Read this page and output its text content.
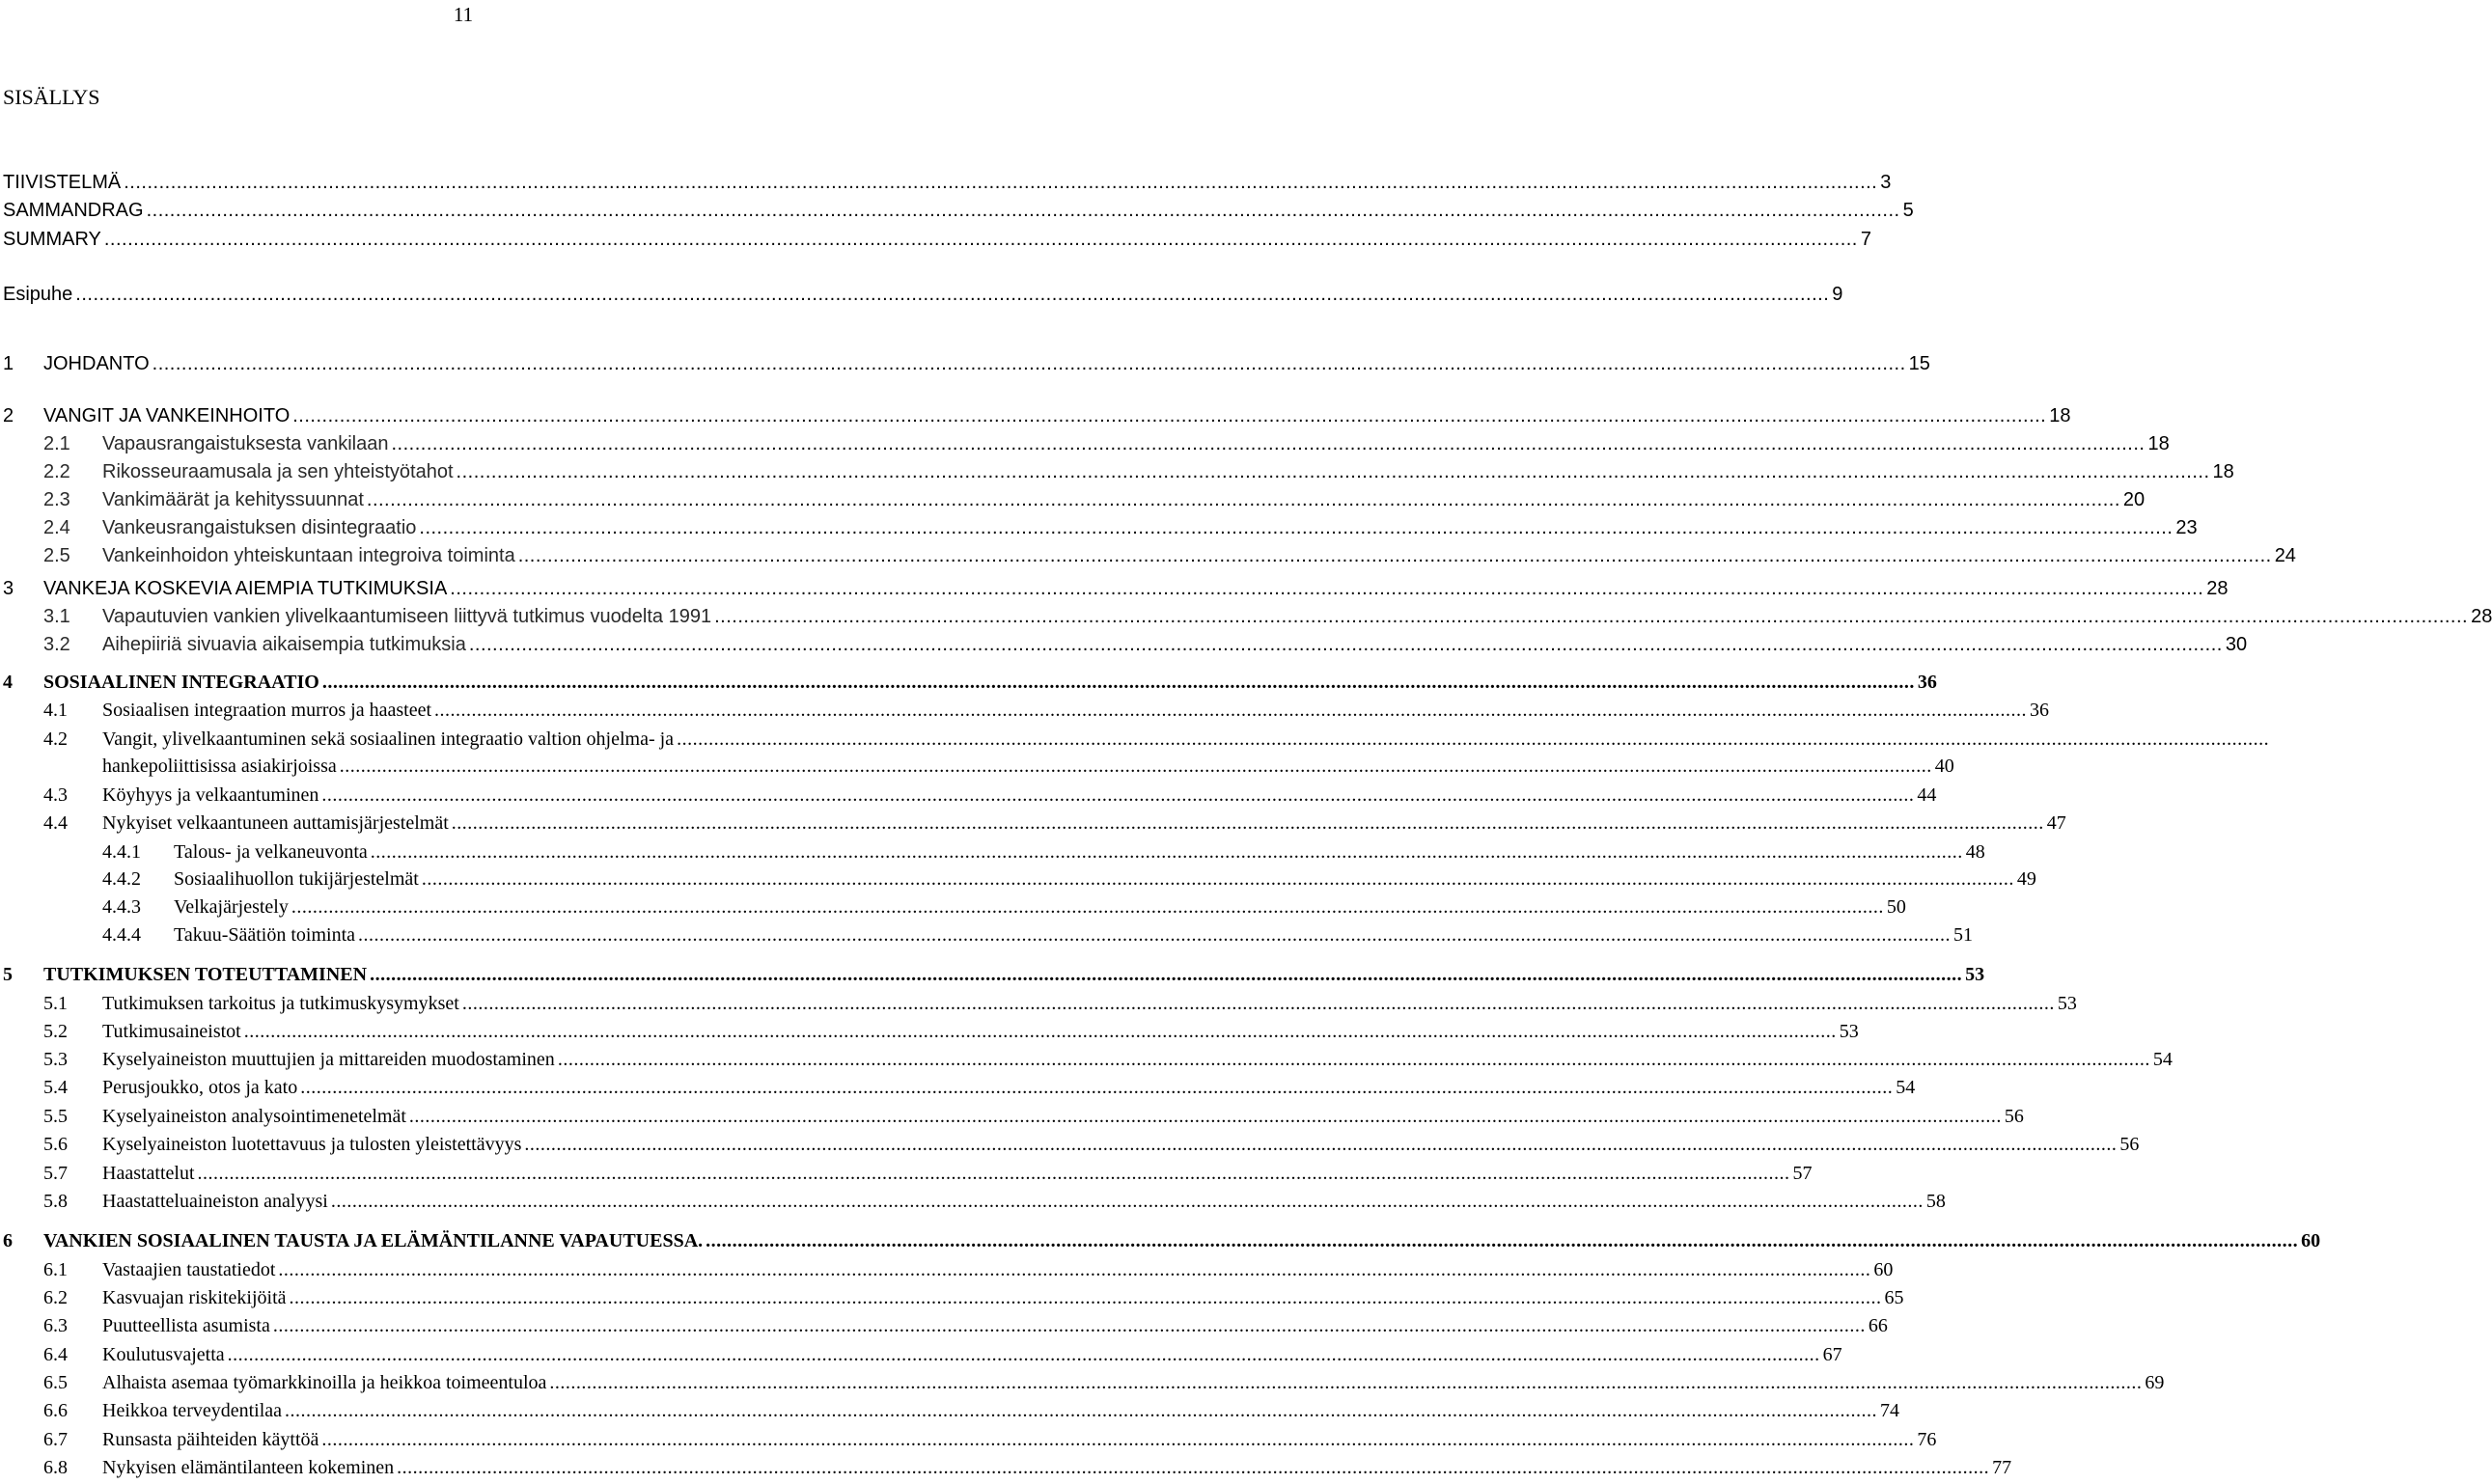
11
SISÄLLYS
TIIVISTELMÄ ............................................................................................................................................................................................................................................................................................................ 3
SAMMANDRAG ............................................................................................................................................................................................................................................................................................................ 5
SUMMARY ............................................................................................................................................................................................................................................................................................................ 7
Esipuhe ............................................................................................................................................................................................................................................................................................................ 9
1 JOHDANTO ............................................................................................................................................................................................................................................................................................................ 15
2 VANGIT JA VANKEINHOITO ............................................................................................................................................................................................................................................................................................................ 18
2.1 Vapausrangaistuksesta vankilaan ............................................................................................................................................................................................................................................................................................................ 18
2.2 Rikosseuraamusala ja sen yhteistyötahot ............................................................................................................................................................................................................................................................................................................ 18
2.3 Vankimäärät ja kehityssuunnat ............................................................................................................................................................................................................................................................................................................ 20
2.4 Vankeusrangaistuksen disintegraatio ............................................................................................................................................................................................................................................................................................................ 23
2.5 Vankeinhoidon yhteiskuntaan integroiva toiminta ............................................................................................................................................................................................................................................................................................................ 24
3 VANKEJA KOSKEVIA AIEMPIA TUTKIMUKSIA ............................................................................................................................................................................................................................................................................................................ 28
3.1 Vapautuvien vankien ylivelkaantumiseen liittyvä tutkimus vuodelta 1991 ............................................................................................................................................................................................................................................................................................................ 28
3.2 Aihepiiriä sivuavia aikaisempia tutkimuksia ............................................................................................................................................................................................................................................................................................................ 30
4 SOSIAALINEN INTEGRAATIO ............................................................................................................................................................................................................................................................................................................ 36
4.1 Sosiaalisen integraation murros ja haasteet ............................................................................................................................................................................................................................................................................................................ 36
4.2 Vangit, ylivelkaantuminen sekä sosiaalinen integraatio valtion ohjelma- ja ............................................................................................................................................................................................................................................................................................................
hankepoliittisissa asiakirjoissa ............................................................................................................................................................................................................................................................................................................ 40
4.3 Köyhyys ja velkaantuminen ............................................................................................................................................................................................................................................................................................................ 44
4.4 Nykyiset velkaantuneen auttamisjärjestelmät ............................................................................................................................................................................................................................................................................................................ 47
4.4.1 Talous- ja velkaneuvonta ............................................................................................................................................................................................................................................................................................................ 48
4.4.2 Sosiaalihuollon tukijärjestelmät ............................................................................................................................................................................................................................................................................................................ 49
4.4.3 Velkajärjestely ............................................................................................................................................................................................................................................................................................................ 50
4.4.4 Takuu-Säätiön toiminta ............................................................................................................................................................................................................................................................................................................ 51
5 TUTKIMUKSEN TOTEUTTAMINEN ............................................................................................................................................................................................................................................................................................................ 53
5.1 Tutkimuksen tarkoitus ja tutkimuskysymykset ............................................................................................................................................................................................................................................................................................................ 53
5.2 Tutkimusaineistot ............................................................................................................................................................................................................................................................................................................ 53
5.3 Kyselyaineiston muuttujien ja mittareiden muodostaminen ............................................................................................................................................................................................................................................................................................................ 54
5.4 Perusjoukko, otos ja kato ............................................................................................................................................................................................................................................................................................................ 54
5.5 Kyselyaineiston analysointimenetelmät ............................................................................................................................................................................................................................................................................................................ 56
5.6 Kyselyaineiston luotettavuus ja tulosten yleistettävyys ............................................................................................................................................................................................................................................................................................................ 56
5.7 Haastattelut ............................................................................................................................................................................................................................................................................................................ 57
5.8 Haastatteluaineiston analyysi ............................................................................................................................................................................................................................................................................................................ 58
6 VANKIEN SOSIAALINEN TAUSTA JA ELÄMÄNTILANNE VAPAUTUESSA. ............................................................................................................................................................................................................................................................................................................ 60
6.1 Vastaajien taustatiedot ............................................................................................................................................................................................................................................................................................................ 60
6.2 Kasvuajan riskitekijöitä ............................................................................................................................................................................................................................................................................................................ 65
6.3 Puutteellista asumista ............................................................................................................................................................................................................................................................................................................ 66
6.4 Koulutusvajetta ............................................................................................................................................................................................................................................................................................................ 67
6.5 Alhaista asemaa työmarkkinoilla ja heikkoa toimeentuloa ............................................................................................................................................................................................................................................................................................................ 69
6.6 Heikkoa terveydentilaa ............................................................................................................................................................................................................................................................................................................ 74
6.7 Runsasta päihteiden käyttöä ............................................................................................................................................................................................................................................................................................................ 76
6.8 Nykyisen elämäntilanteen kokeminen ............................................................................................................................................................................................................................................................................................................ 77
